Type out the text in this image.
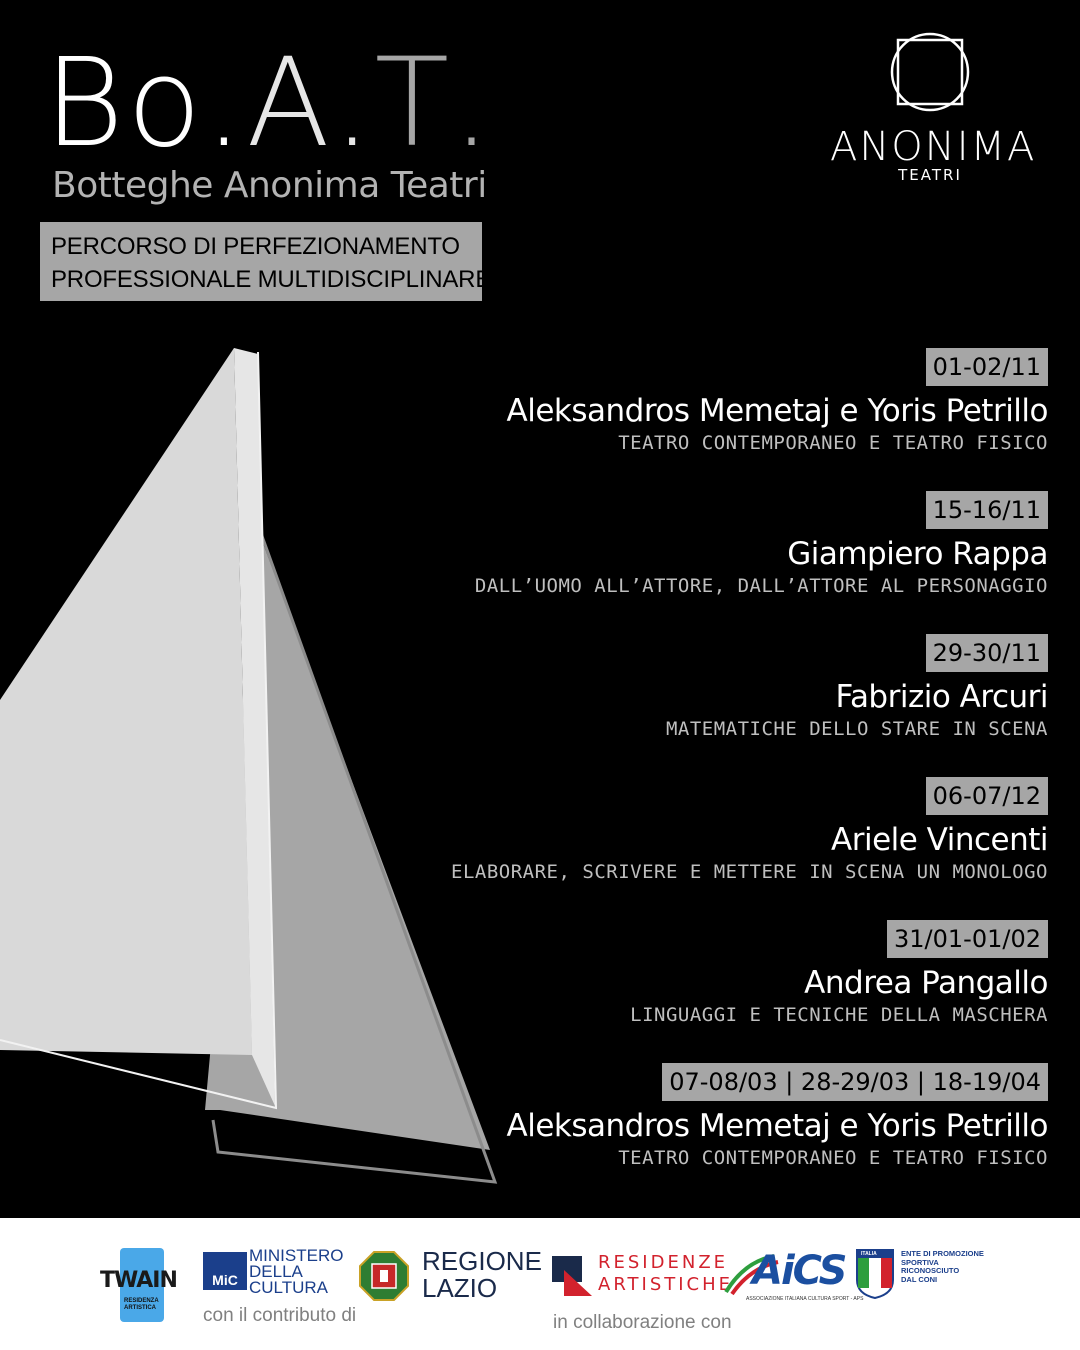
Bo.A.T.
Botteghe Anonima Teatri
PERCORSO DI PERFEZIONAMENTO
PROFESSIONALE MULTIDISCIPLINARE
ANONIMA
TEATRI
01-02/11
Aleksandros Memetaj e Yoris Petrillo
TEATRO CONTEMPORANEO E TEATRO FISICO
15-16/11
Giampiero Rappa
DALL’UOMO ALL’ATTORE, DALL’ATTORE AL PERSONAGGIO
29-30/11
Fabrizio Arcuri
MATEMATICHE DELLO STARE IN SCENA
06-07/12
Ariele Vincenti
ELABORARE, SCRIVERE E METTERE IN SCENA UN MONOLOGO
31/01-01/02
Andrea Pangallo
LINGUAGGI E TECNICHE DELLA MASCHERA
07-08/03 | 28-29/03 | 18-19/04
Aleksandros Memetaj e Yoris Petrillo
TEATRO CONTEMPORANEO E TEATRO FISICO
TWAIN
RESIDENZA ARTISTICA
MiC
MINISTERO
DELLA
CULTURA
con il contributo di
REGIONE
LAZIO
RESIDENZE
ARTISTICHE
in collaborazione con
AiCS
ASSOCIAZIONE ITALIANA CULTURA SPORT - APS
ENTE DI PROMOZIONE
SPORTIVA
RICONOSCIUTO
DAL CONI
ITALIA
